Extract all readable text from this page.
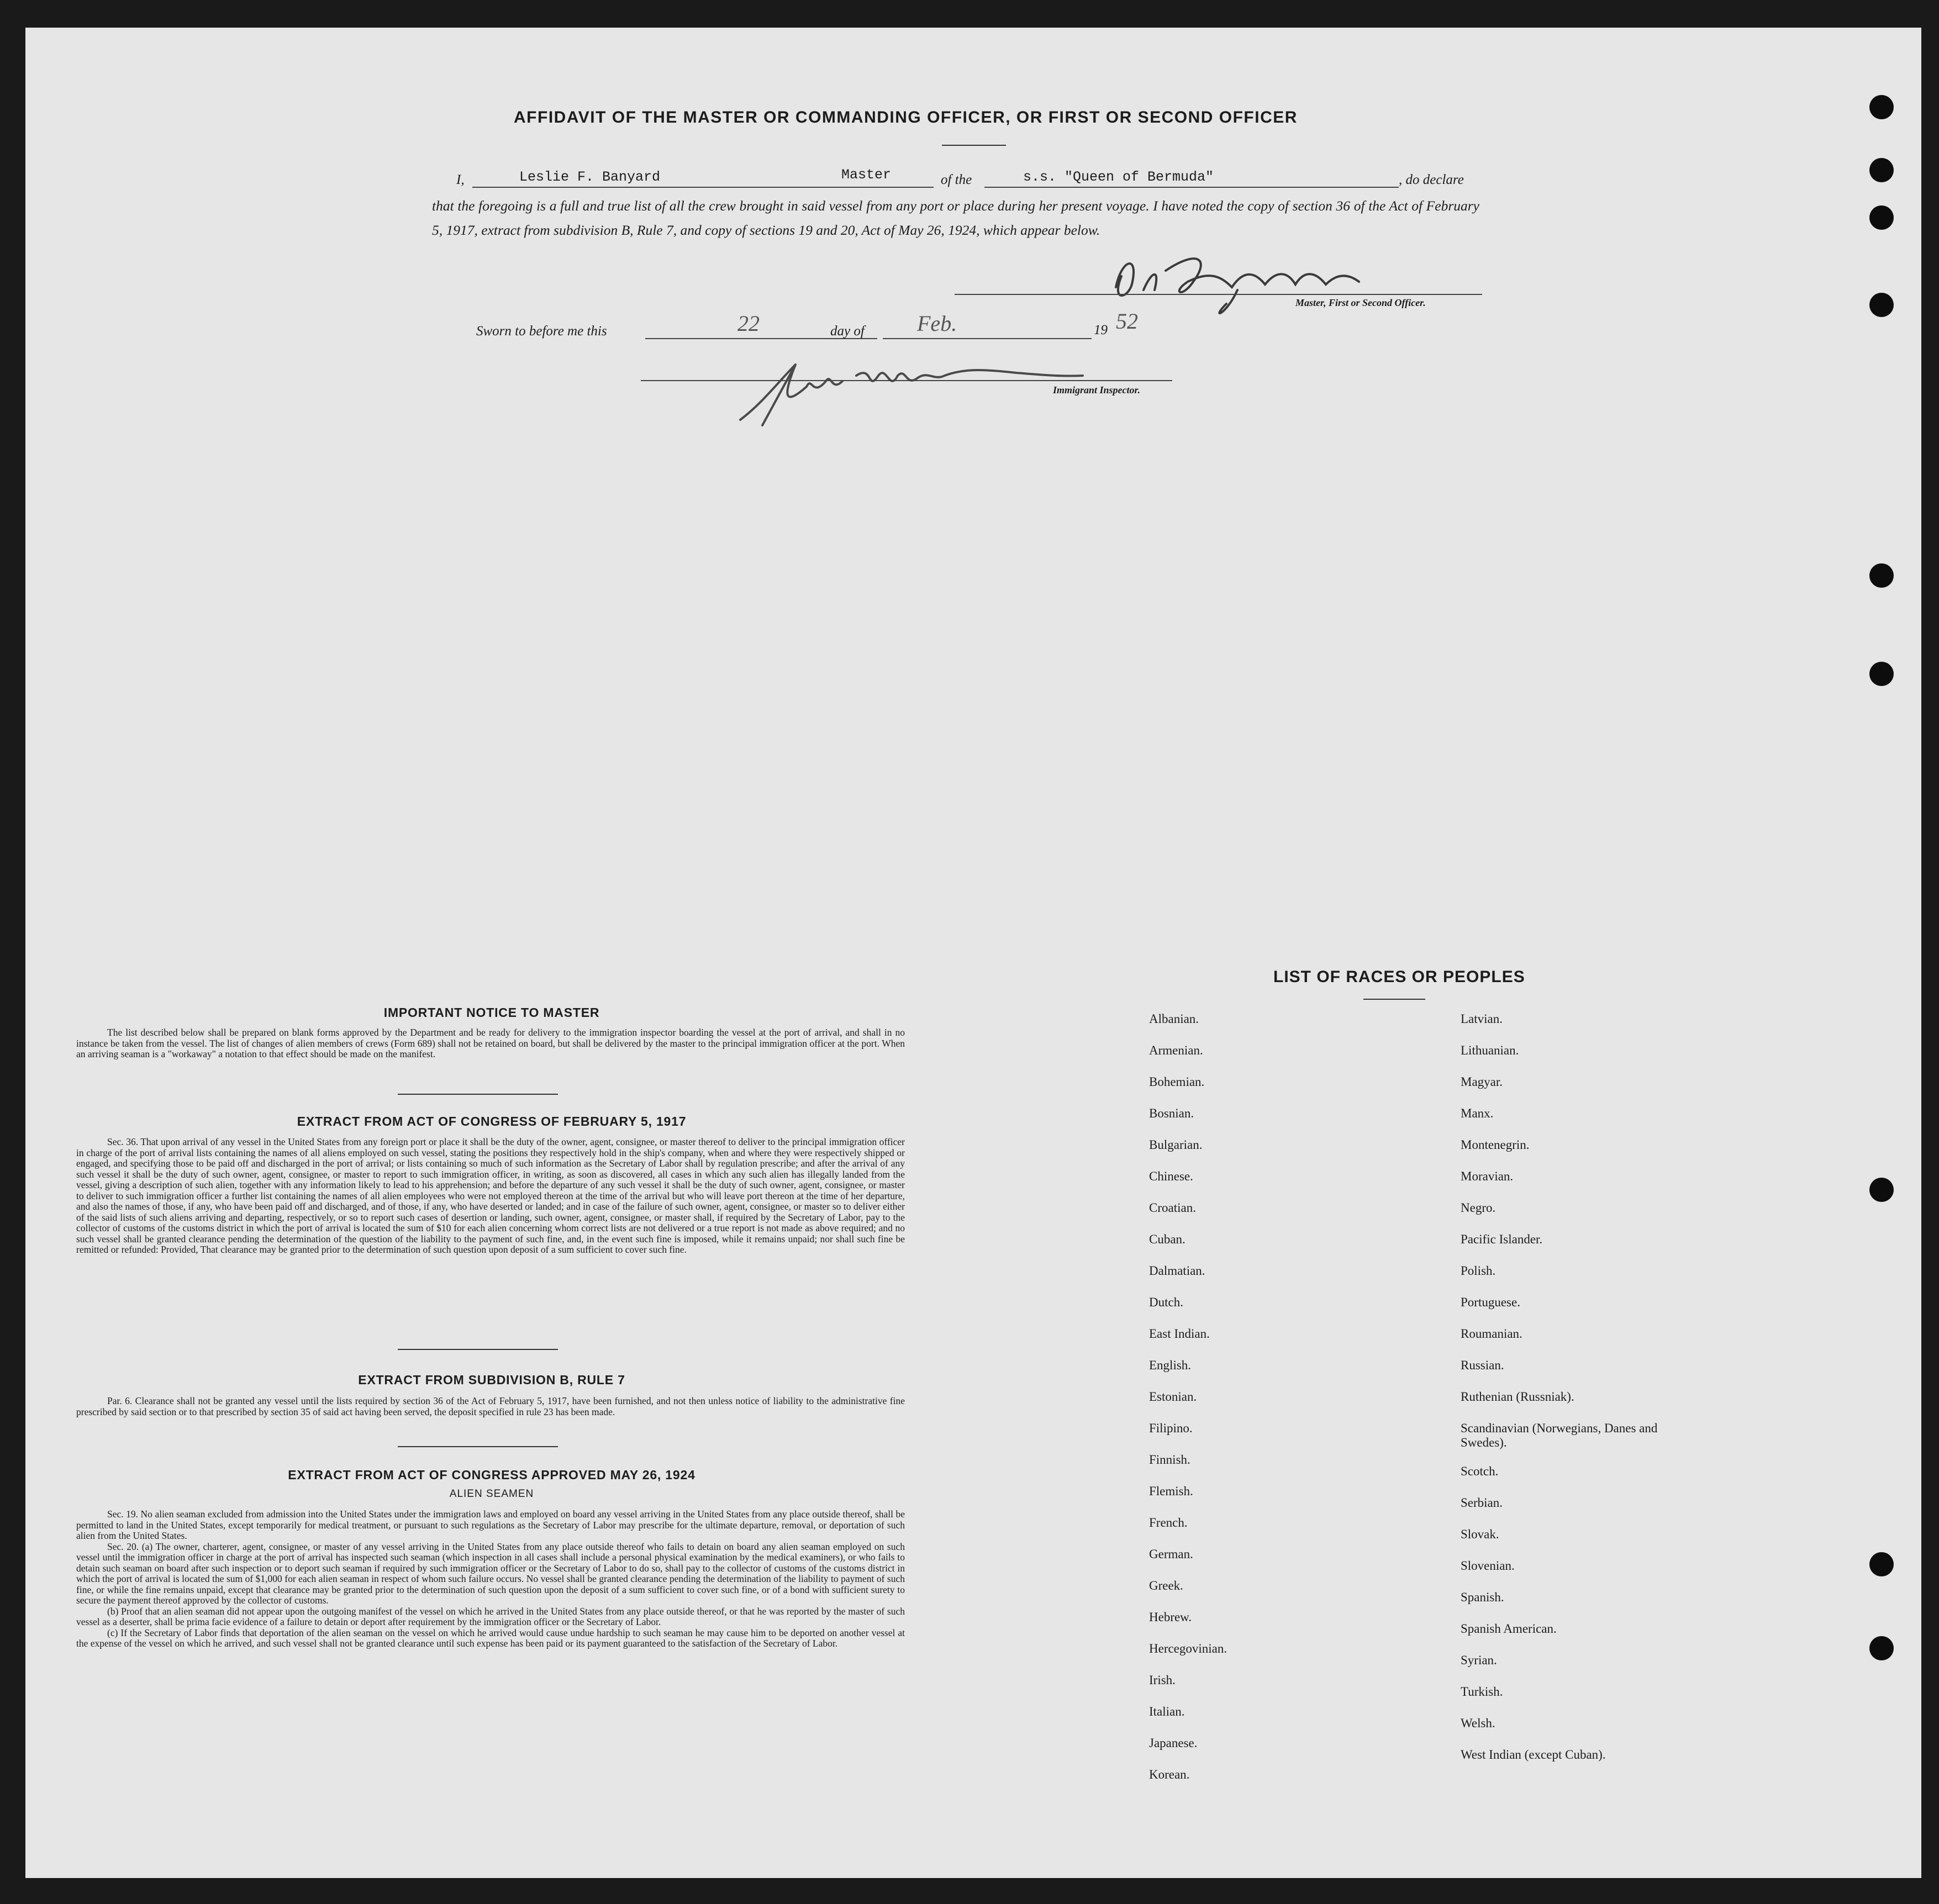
AFFIDAVIT OF THE MASTER OR COMMANDING OFFICER, OR FIRST OR SECOND OFFICER
I,	Leslie F. Banyard	Master	of the	s.s. "Queen of Bermuda"	, do declare
that the foregoing is a full and true list of all the crew brought in said vessel from any port or place during her present voyage. I have noted the copy of section 36 of the Act of February 5, 1917, extract from subdivision B, Rule 7, and copy of sections 19 and 20, Act of May 26, 1924, which appear below.
Master, First or Second Officer.
Sworn to before me this	22	day of Feb.	19 52
Immigrant Inspector.
IMPORTANT NOTICE TO MASTER

The list described below shall be prepared on blank forms approved by the Department and be ready for delivery to the immigration inspector boarding the vessel at the port of arrival, and shall in no instance be taken from the vessel. The list of changes of alien members of crews (Form 689) shall not be retained on board, but shall be delivered by the master to the principal immigration officer at the port. When an arriving seaman is a "workaway" a notation to that effect should be made on the manifest.

EXTRACT FROM ACT OF CONGRESS OF FEBRUARY 5, 1917

Sec. 36. That upon arrival of any vessel in the United States from any foreign port or place it shall be the duty of the owner, agent, consignee, or master thereof to deliver to the principal immigration officer in charge of the port of arrival lists containing the names of all aliens employed on such vessel, stating the positions they respectively hold in the ship's company, when and where they were respectively shipped or engaged, and specifying those to be paid off and discharged in the port of arrival; or lists containing so much of such information as the Secretary of Labor shall by regulation prescribe; and after the arrival of any such vessel it shall be the duty of such owner, agent, consignee, or master to report to such immigration officer, in writing, as soon as discovered, all cases in which any such alien has illegally landed from the vessel, giving a description of such alien, together with any information likely to lead to his apprehension; and before the departure of any such vessel it shall be the duty of such owner, agent, consignee, or master to deliver to such immigration officer a further list containing the names of all alien employees who were not employed thereon at the time of the arrival but who will leave port thereon at the time of her departure, and also the names of those, if any, who have been paid off and discharged, and of those, if any, who have deserted or landed; and in case of the failure of such owner, agent, consignee, or master so to deliver either of the said lists of such aliens arriving and departing, respectively, or so to report such cases of desertion or landing, such owner, agent, consignee, or master shall, if required by the Secretary of Labor, pay to the collector of customs of the customs district in which the port of arrival is located the sum of $10 for each alien concerning whom correct lists are not delivered or a true report is not made as above required; and no such vessel shall be granted clearance pending the determination of the question of the liability to the payment of such fine, and, in the event such fine is imposed, while it remains unpaid; nor shall such fine be remitted or refunded: Provided, That clearance may be granted prior to the determination of such question upon deposit of a sum sufficient to cover such fine.

EXTRACT FROM SUBDIVISION B, RULE 7

Par. 6. Clearance shall not be granted any vessel until the lists required by section 36 of the Act of February 5, 1917, have been furnished, and not then unless notice of liability to the administrative fine prescribed by said section or to that prescribed by section 35 of said act having been served, the deposit specified in rule 23 has been made.

EXTRACT FROM ACT OF CONGRESS APPROVED MAY 26, 1924
ALIEN SEAMEN

Sec. 19. No alien seaman excluded from admission into the United States under the immigration laws and employed on board any vessel arriving in the United States from any place outside thereof, shall be permitted to land in the United States, except temporarily for medical treatment, or pursuant to such regulations as the Secretary of Labor may prescribe for the ultimate departure, removal, or deportation of such alien from the United States.

Sec. 20. (a) The owner, charterer, agent, consignee, or master of any vessel arriving in the United States from any place outside thereof who fails to detain on board any alien seaman employed on such vessel until the immigration officer in charge at the port of arrival has inspected such seaman (which inspection in all cases shall include a personal physical examination by the medical examiners), or who fails to detain such seaman on board after such inspection or to deport such seaman if required by such immigration officer or the Secretary of Labor to do so, shall pay to the collector of customs of the customs district in which the port of arrival is located the sum of $1,000 for each alien seaman in respect of whom such failure occurs. No vessel shall be granted clearance pending the determination of the liability to payment of such fine, or while the fine remains unpaid, except that clearance may be granted prior to the determination of such question upon the deposit of a sum sufficient to cover such fine, or of a bond with sufficient surety to secure the payment thereof approved by the collector of customs.

(b) Proof that an alien seaman did not appear upon the outgoing manifest of the vessel on which he arrived in the United States from any place outside thereof, or that he was reported by the master of such vessel as a deserter, shall be prima facie evidence of a failure to detain or deport after requirement by the immigration officer or the Secretary of Labor.

(c) If the Secretary of Labor finds that deportation of the alien seaman on the vessel on which he arrived would cause undue hardship to such seaman he may cause him to be deported on another vessel at the expense of the vessel on which he arrived, and such vessel shall not be granted clearance until such expense has been paid or its payment guaranteed to the satisfaction of the Secretary of Labor.

LIST OF RACES OR PEOPLES
Albanian.
Armenian.
Bohemian.
Bosnian.
Bulgarian.
Chinese.
Croatian.
Cuban.
Dalmatian.
Dutch.
East Indian.
English.
Estonian.
Filipino.
Finnish.
Flemish.
French.
German.
Greek.
Hebrew.
Hercegovinian.
Irish.
Italian.
Japanese.
Korean.
Latvian.
Lithuanian.
Magyar.
Manx.
Montenegrin.
Moravian.
Negro.
Pacific Islander.
Polish.
Portuguese.
Roumanian.
Russian.
Ruthenian (Russniak).
Scandinavian (Norwegians, Danes and Swedes).
Scotch.
Serbian.
Slovak.
Slovenian.
Spanish.
Spanish American.
Syrian.
Turkish.
Welsh.
West Indian (except Cuban).
